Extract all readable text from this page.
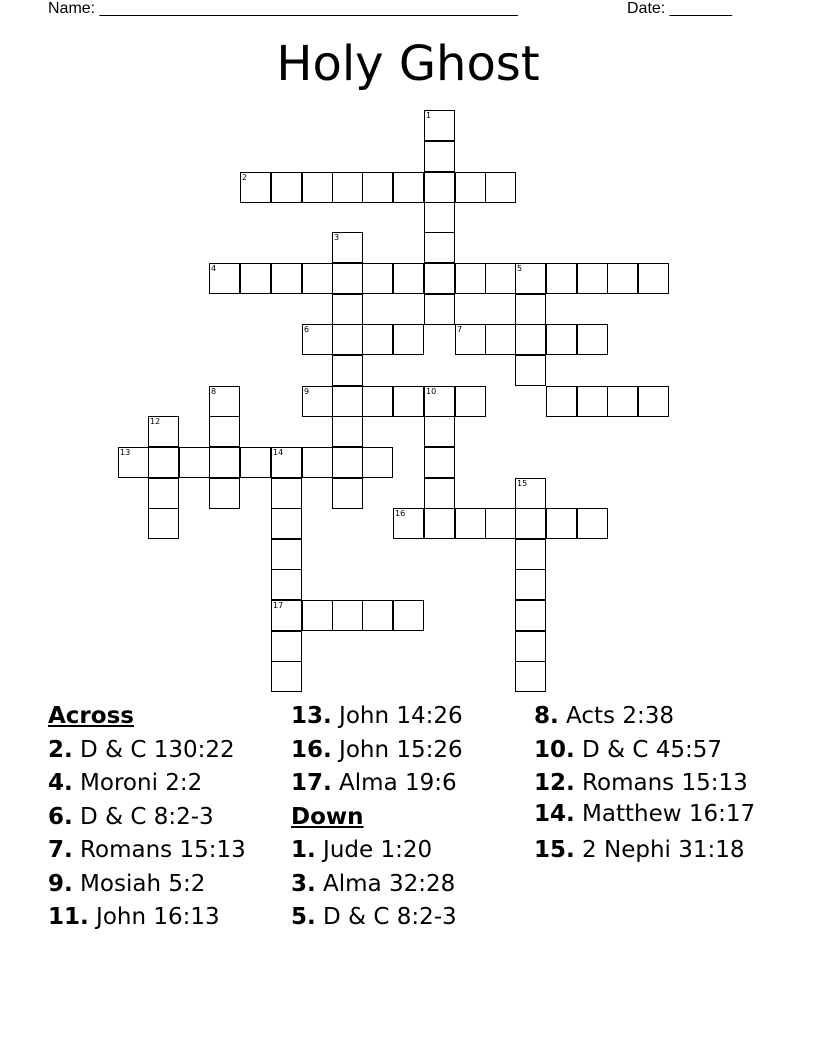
Name: _______________________________________________	Date: _______
Holy Ghost
1
2
3
4	5
6	7
9	10
8
12
13	14
17
16
15
Across
2. D & C 130:22
4. Moroni 2:2
6. D & C 8:2-3
7. Romans 15:13
9. Mosiah 5:2
11. John 16:13
13. John 14:26
16. John 15:26
17. Alma 19:6
Down
1. Jude 1:20
3. Alma 32:28
5. D & C 8:2-3
8. Acts 2:38
10. D & C 45:57
12. Romans 15:13
14. Matthew 16:17
15. 2 Nephi 31:18
